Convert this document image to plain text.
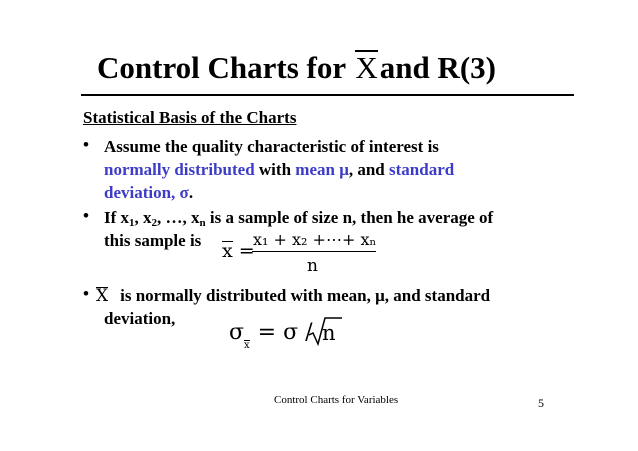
Control Charts for Xand R(3)
Statistical Basis of the Charts
• Assume the quality characteristic of interest is
normally distributed with mean μ, and standard
deviation, σ.
• If $x_1$, $x_2$, …, $x_n$ is a sample of size n, then he average of
this sample is	x =
x₁ + x₂ +⋯+ xₙ
n
• X is normally distributed with mean, μ, and standard
deviation,
σx= σ / n
Control Charts for Variables	5
